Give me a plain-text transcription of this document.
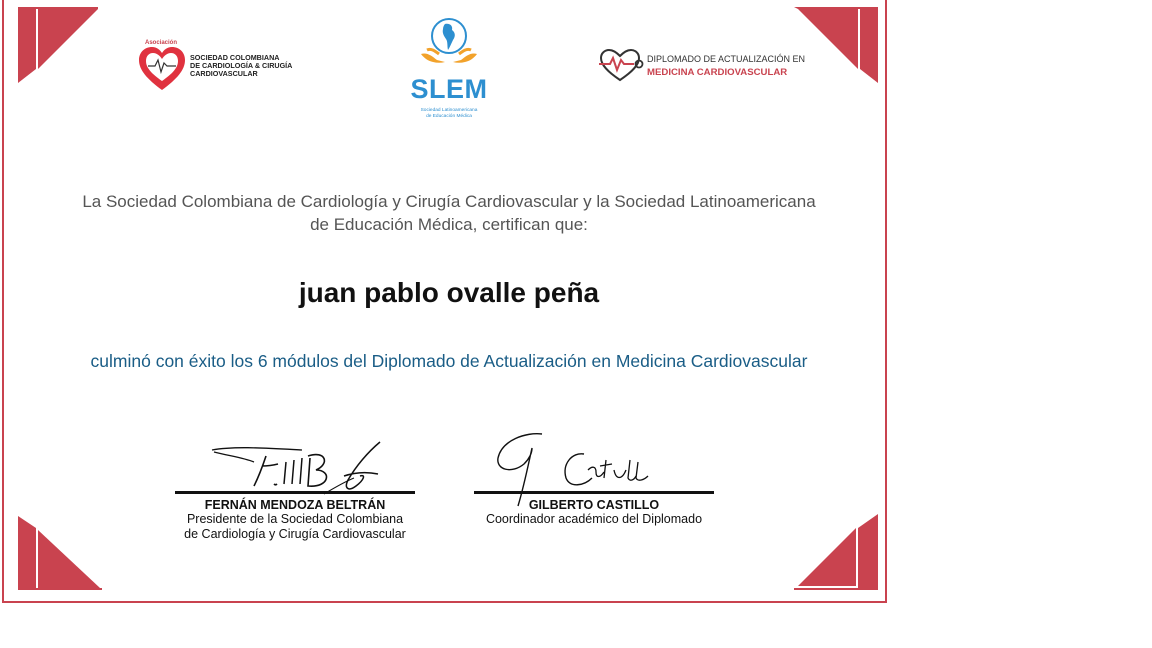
Asociación
SOCIEDAD COLOMBIANA
DE CARDIOLOGÍA & CIRUGÍA
CARDIOVASCULAR
SLEM
Sociedad Latinoamericana
de Educación Médica
DIPLOMADO DE ACTUALIZACIÓN EN
MEDICINA CARDIOVASCULAR
La Sociedad Colombiana de Cardiología y Cirugía Cardiovascular y la Sociedad Latinoamericana
de Educación Médica, certifican que:
juan pablo ovalle peña
culminó con éxito los 6 módulos del Diplomado de Actualización en Medicina Cardiovascular
FERNÁN MENDOZA BELTRÁN
Presidente de la Sociedad Colombiana
de Cardiología y Cirugía Cardiovascular
GILBERTO CASTILLO
Coordinador académico del Diplomado
